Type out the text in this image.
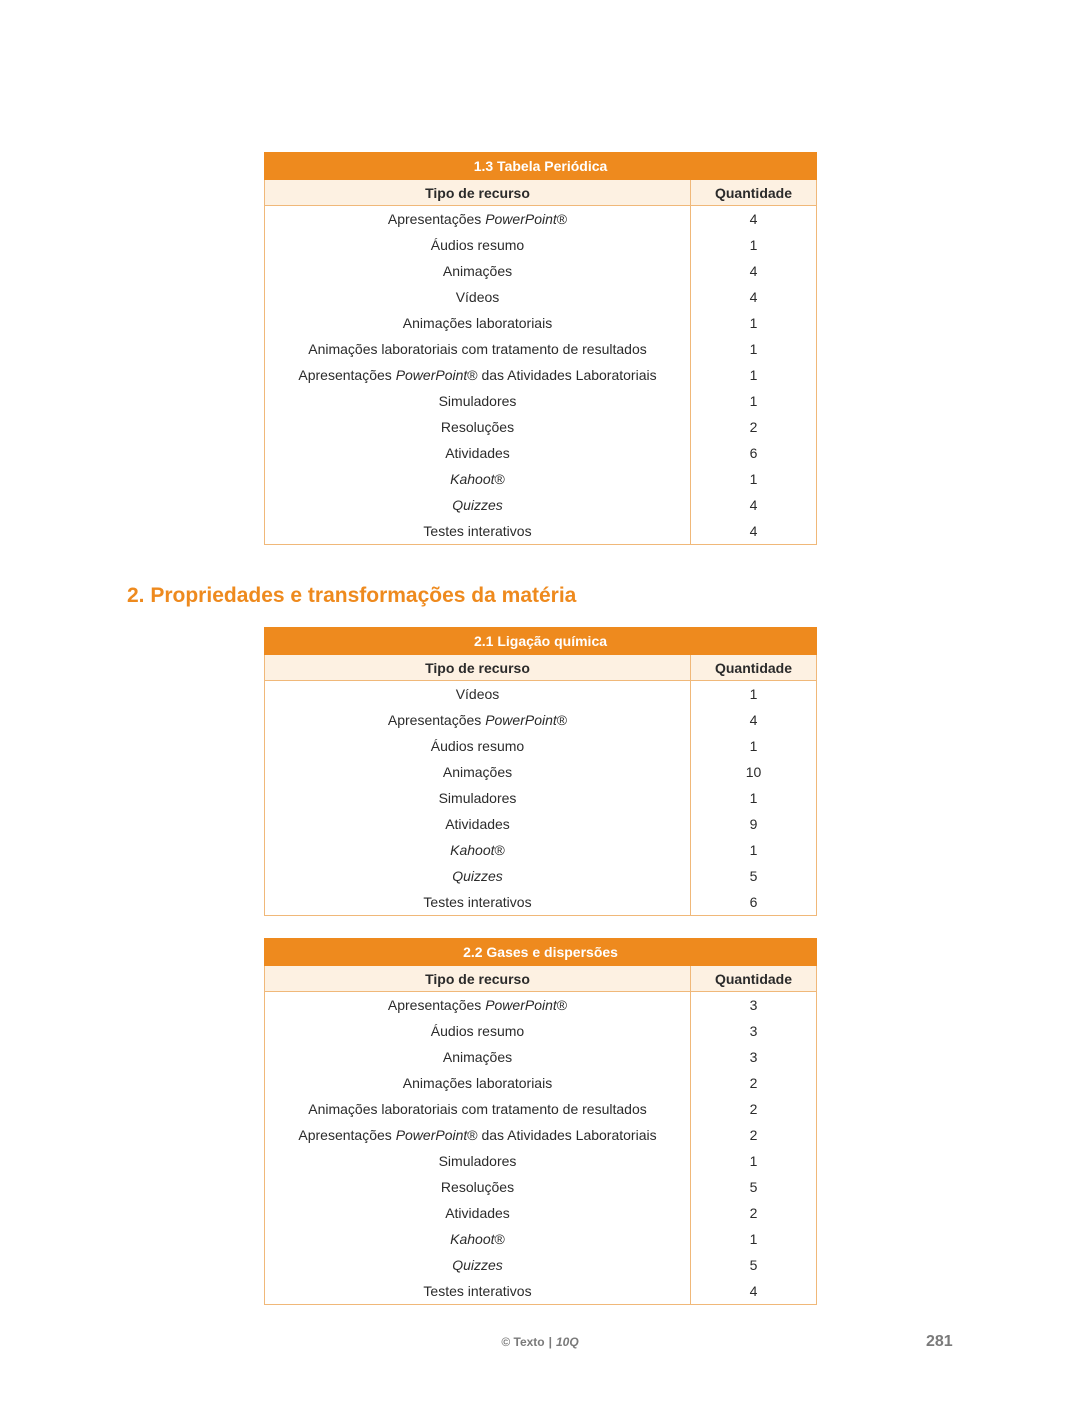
1.3 Tabela Periódica	
Tipo de recurso	Quantidade
Apresentações PowerPoint®	4
Áudios resumo	1
Animações	4
Vídeos	4
Animações laboratoriais	1
Animações laboratoriais com tratamento de resultados	1
Apresentações PowerPoint® das Atividades Laboratoriais	1
Simuladores	1
Resoluções	2
Atividades	6
Kahoot®	1
Quizzes	4
Testes interativos	4
2. Propriedades e transformações da matéria
2.1 Ligação química	
Tipo de recurso	Quantidade
Vídeos	1
Apresentações PowerPoint®	4
Áudios resumo	1
Animações	10
Simuladores	1
Atividades	9
Kahoot®	1
Quizzes	5
Testes interativos	6
2.2 Gases e dispersões	
Tipo de recurso	Quantidade
Apresentações PowerPoint®	3
Áudios resumo	3
Animações	3
Animações laboratoriais	2
Animações laboratoriais com tratamento de resultados	2
Apresentações PowerPoint® das Atividades Laboratoriais	2
Simuladores	1
Resoluções	5
Atividades	2
Kahoot®	1
Quizzes	5
Testes interativos	4
© Texto | 10Q	281
